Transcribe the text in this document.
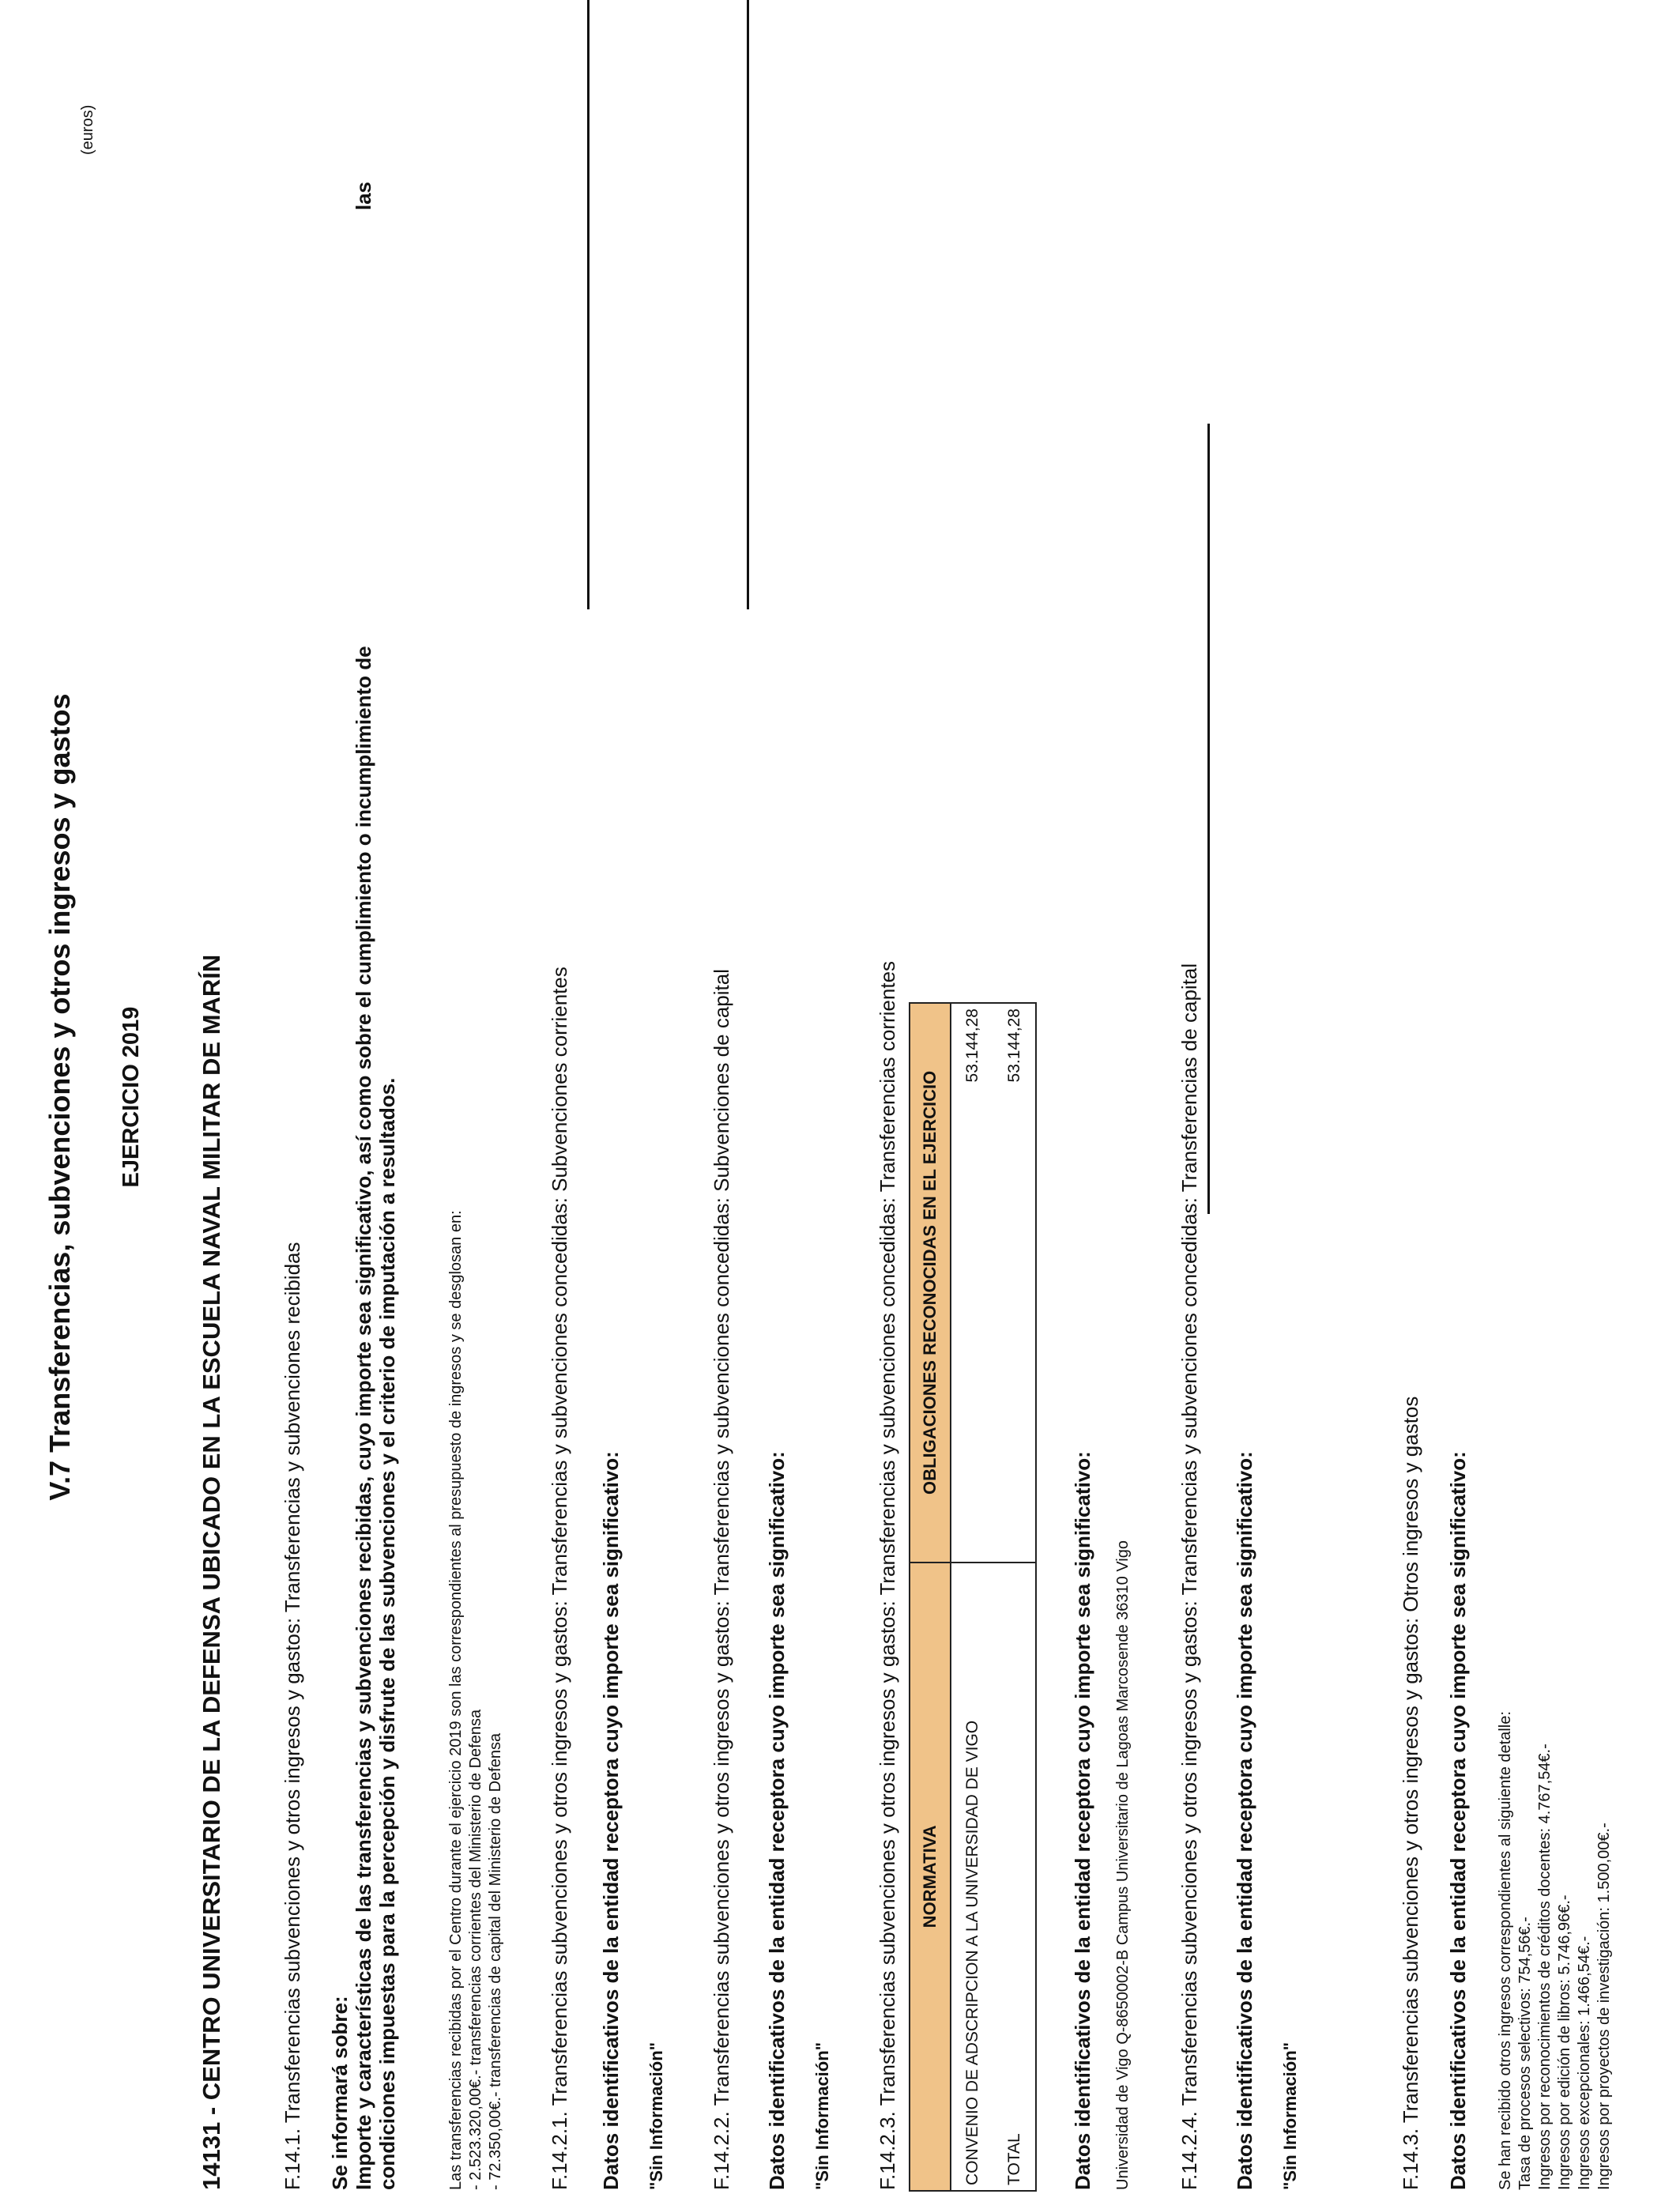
V.7 Transferencias, subvenciones y otros ingresos y gastos EJERCICIO 2019 14131 - CENTRO UNIVERSITARIO DE LA DEFENSA UBICADO EN LA ESCUELA NAVAL MILITAR DE MARÍN
(euros)
F.14.1. Transferencias subvenciones y otros ingresos y gastos: Transferencias y subvenciones recibidas Se informará sobre: Importe y características de las transferencias y subvenciones recibidas, cuyo importe sea significativo, así como sobre el cumplimiento o incumplimiento de
las
condiciones impuestas para la percepción y disfrute de las subvenciones y el criterio de imputación a resultados.	Las transferencias recibidas por el Centro durante el ejercicio 2019 son las correspondientes al presupuesto de ingresos y se desglosan en: - 2.523.320,00€.- transferencias corrientes del Ministerio de Defensa - 72.350,00€.- transferencias de capital del Ministerio de Defensa F.14.2.1. Transferencias subvenciones y otros ingresos y gastos: Transferencias y subvenciones concedidas: Subvenciones corrientes Datos identificativos de la entidad receptora cuyo importe sea significativo: "Sin Información" F.14.2.2. Transferencias subvenciones y otros ingresos y gastos: Transferencias y subvenciones concedidas: Subvenciones de capital Datos identificativos de la entidad receptora cuyo importe sea significativo: "Sin Información" F.14.2.3. Transferencias subvenciones y otros ingresos y gastos: Transferencias y subvenciones concedidas: Transferencias corrientes NORMATIVA	OBLIGACIONES RECONOCIDAS EN EL EJERCICIO
CONVENIO DE ADSCRIPCION A LA UNIVERSIDAD DE VIGO	53.144,28
TOTAL	53.144,28
Datos identificativos de la entidad receptora cuyo importe sea significativo: Universidad de Vigo Q-8650002-B Campus Universitario de Lagoas Marcosende 36310 Vigo F.14.2.4. Transferencias subvenciones y otros ingresos y gastos: Transferencias y subvenciones concedidas: Transferencias de capital Datos identificativos de la entidad receptora cuyo importe sea significativo: "Sin Información"	F.14.3. Transferencias subvenciones y otros ingresos y gastos: Otros ingresos y gastos Datos identificativos de la entidad receptora cuyo importe sea significativo: Se han recibido otros ingresos correspondientes al siguiente detalle: Tasa de procesos selectivos: 754,56€.- Ingresos por reconocimientos de créditos docentes: 4.767,54€.- Ingresos por edición de libros: 5.746,96€.- Ingresos excepcionales: 1.466,54€.- Ingresos por proyectos de investigación: 1.500,00€.-
